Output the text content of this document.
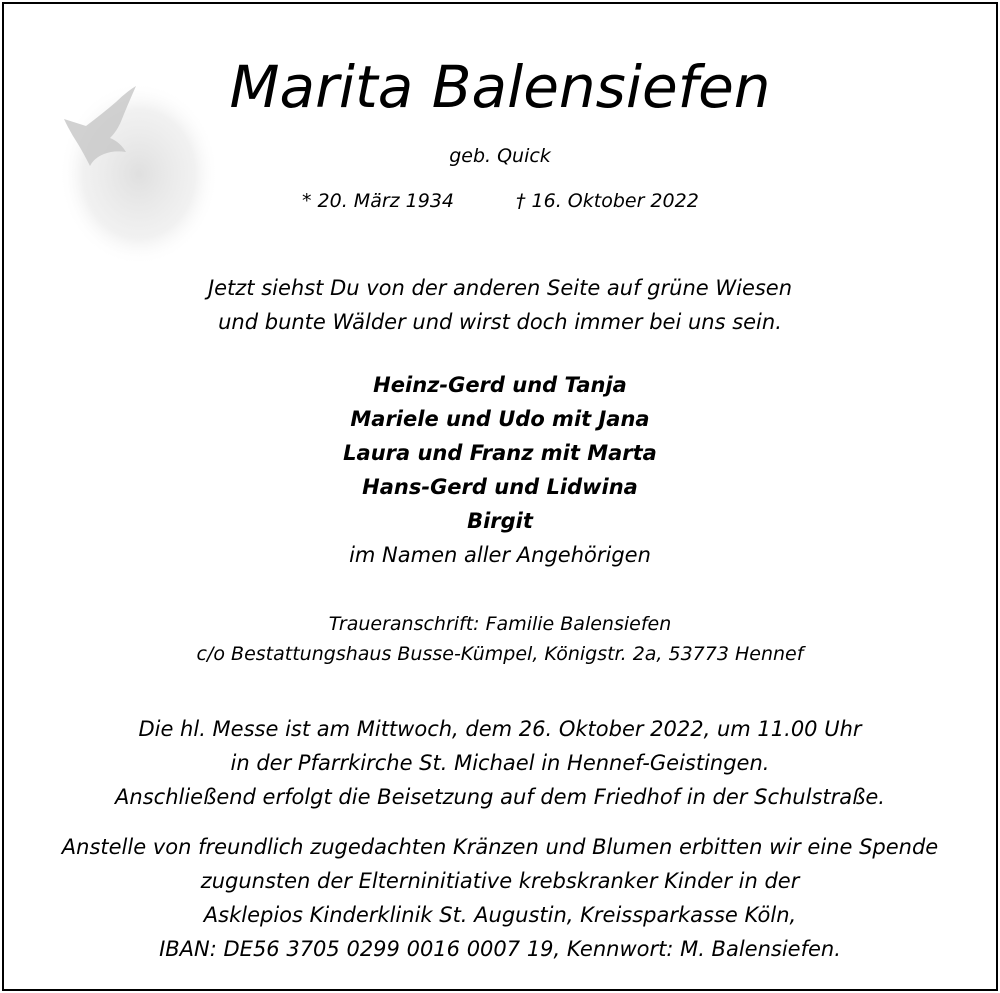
Marita Balensiefen
geb. Quick
* 20. März 1934	† 16. Oktober 2022
Jetzt siehst Du von der anderen Seite auf grüne Wiesen
und bunte Wälder und wirst doch immer bei uns sein.
Heinz-Gerd und Tanja
Mariele und Udo mit Jana
Laura und Franz mit Marta
Hans-Gerd und Lidwina
Birgit
im Namen aller Angehörigen
Traueranschrift: Familie Balensiefen
c/o Bestattungshaus Busse-Kümpel, Königstr. 2a, 53773 Hennef
Die hl. Messe ist am Mittwoch, dem 26. Oktober 2022, um 11.00 Uhr
in der Pfarrkirche St. Michael in Hennef-Geistingen.
Anschließend erfolgt die Beisetzung auf dem Friedhof in der Schulstraße.
Anstelle von freundlich zugedachten Kränzen und Blumen erbitten wir eine Spende
zugunsten der Elterninitiative krebskranker Kinder in der
Asklepios Kinderklinik St. Augustin, Kreissparkasse Köln,
IBAN: DE56 3705 0299 0016 0007 19, Kennwort: M. Balensiefen.
